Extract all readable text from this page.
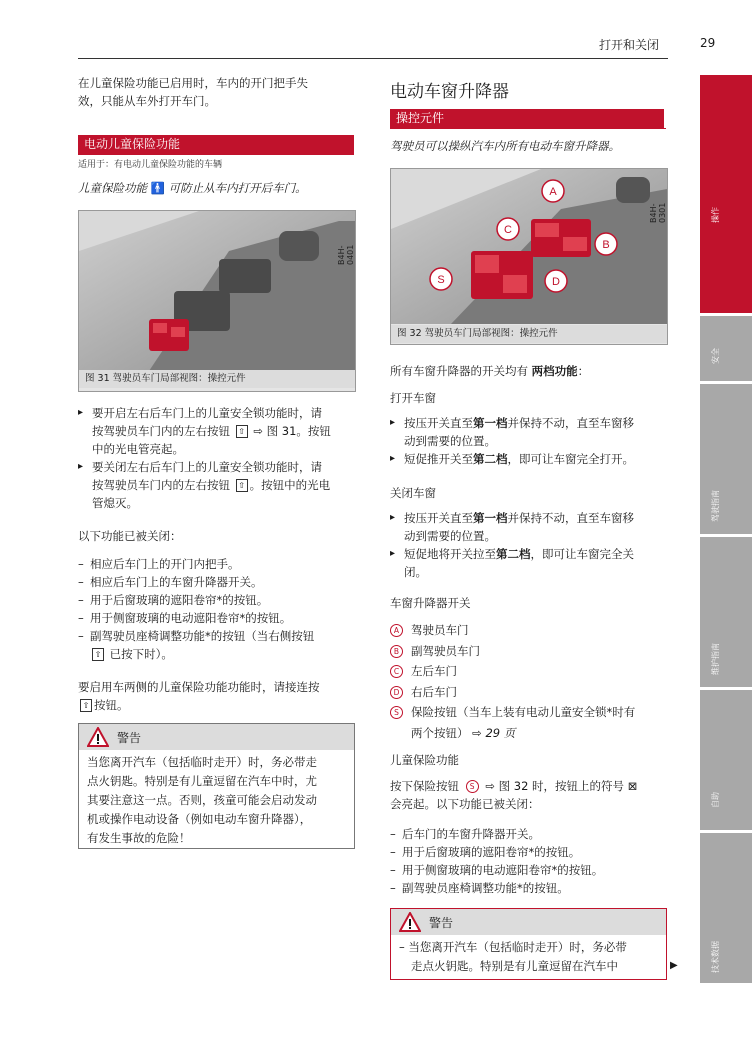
打开和关闭	29
操作
安全
驾驶指南
维护指南
自助
技术数据

在儿童保险功能已启用时，车内的开门把手失

效，只能从车外打开车门。

电动儿童保险功能
适用于：有电动儿童保险功能的车辆
儿童保险功能 🚹 可防止从车内打开后车门。
B4H-0401
图 31 驾驶员车门局部视图：操控元件
▸ 要开启左右后车门上的儿童安全锁功能时，请
按驾驶员车门内的左右按钮 ⇧ ⇨ 图 31。按钮
中的光电管亮起。
▸ 要关闭左右后车门上的儿童安全锁功能时，请
按驾驶员车门内的左右按钮 ⇧ 。按钮中的光电
管熄灭。
以下功能已被关闭：
– 相应后车门上的开门内把手。
– 相应后车门上的车窗升降器开关。
– 用于后窗玻璃的遮阳卷帘*的按钮。
– 用于侧窗玻璃的电动遮阳卷帘*的按钮。
– 副驾驶员座椅调整功能*的按钮（当右侧按钮
⇧ 已按下时）。

要启用车两侧的儿童保险功能功能时，请接连按

⇧ 按钮。

警告
当您离开汽车（包括临时走开）时，务必带走
点火钥匙。特别是有儿童逗留在汽车中时，尤
其要注意这一点。否则，孩童可能会启动发动
机或操作电动设备（例如电动车窗升降器），
有发生事故的危险！
电动车窗升降器
操控元件
驾驶员可以操纵汽车内所有电动车窗升降器。
A
B
C
D
S
B4H-0301
图 32 驾驶员车门局部视图：操控元件
所有车窗升降器的开关均有 两档功能：
打开车窗
▸ 按压开关直至第一档并保持不动，直至车窗移
动到需要的位置。
▸ 短促推开关至第二档，即可让车窗完全打开。
关闭车窗
▸ 按压开关直至第一档并保持不动，直至车窗移
动到需要的位置。
▸ 短促地将开关拉至第二档，即可让车窗完全关
闭。
车窗升降器开关
A 驾驶员车门
B 副驾驶员车门
C 左后车门
D 右后车门
S 保险按钮（当车上装有电动儿童安全锁*时有
两个按钮） ⇨ 29 页
儿童保险功能
按下保险按钮 S ⇨ 图 32 时，按钮上的符号 ⊠
会亮起。以下功能已被关闭：
– 后车门的车窗升降器开关。
– 用于后窗玻璃的遮阳卷帘*的按钮。
– 用于侧窗玻璃的电动遮阳卷帘*的按钮。
– 副驾驶员座椅调整功能*的按钮。
警告
– 当您离开汽车（包括临时走开）时，务必带
走点火钥匙。特别是有儿童逗留在汽车中	▶
